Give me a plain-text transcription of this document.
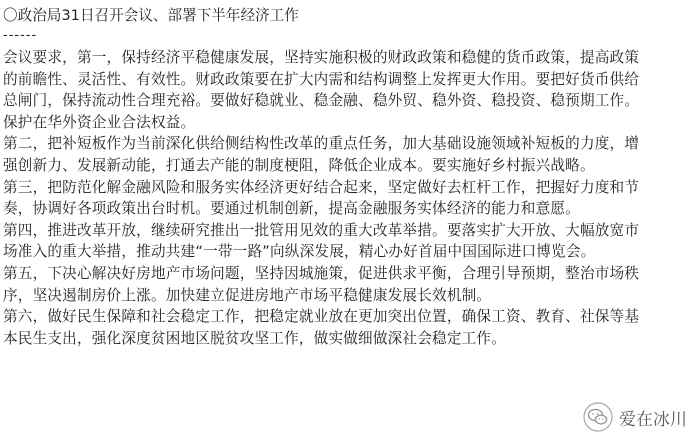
〇政治局31日召开会议、部署下半年经济工作
------
会议要求，第一，保持经济平稳健康发展，坚持实施积极的财政政策和稳健的货币政策，提高政策
的前瞻性、灵活性、有效性。财政政策要在扩大内需和结构调整上发挥更大作用。要把好货币供给
总闸门，保持流动性合理充裕。要做好稳就业、稳金融、稳外贸、稳外资、稳投资、稳预期工作。
保护在华外资企业合法权益。
第二，把补短板作为当前深化供给侧结构性改革的重点任务，加大基础设施领域补短板的力度，增
强创新力、发展新动能，打通去产能的制度梗阻，降低企业成本。要实施好乡村振兴战略。
第三，把防范化解金融风险和服务实体经济更好结合起来，坚定做好去杠杆工作，把握好力度和节
奏，协调好各项政策出台时机。要通过机制创新，提高金融服务实体经济的能力和意愿。
第四，推进改革开放，继续研究推出一批管用见效的重大改革举措。要落实扩大开放、大幅放宽市
场准入的重大举措，推动共建“一带一路”向纵深发展，精心办好首届中国国际进口博览会。
第五，下决心解决好房地产市场问题，坚持因城施策，促进供求平衡，合理引导预期，整治市场秩
序，坚决遏制房价上涨。加快建立促进房地产市场平稳健康发展长效机制。
第六，做好民生保障和社会稳定工作，把稳定就业放在更加突出位置，确保工资、教育、社保等基
本民生支出，强化深度贫困地区脱贫攻坚工作，做实做细做深社会稳定工作。
爱在冰川
